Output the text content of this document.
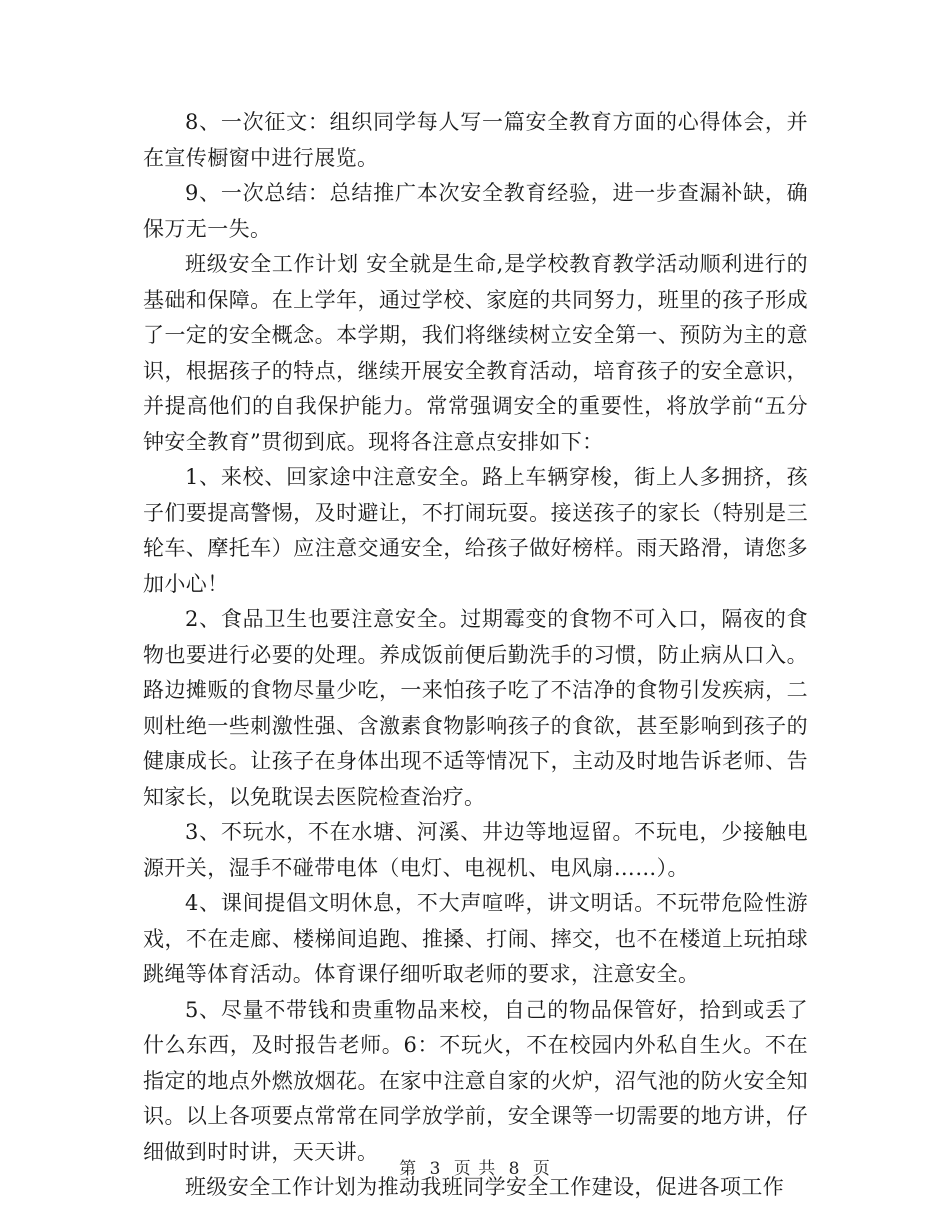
8、一次征文：组织同学每人写一篇安全教育方面的心得体会，并在宣传橱窗中进行展览。

9、一次总结：总结推广本次安全教育经验，进一步查漏补缺，确保万无一失。

班级安全工作计划 安全就是生命,是学校教育教学活动顺利进行的基础和保障。在上学年，通过学校、家庭的共同努力，班里的孩子形成了一定的安全概念。本学期，我们将继续树立安全第一、预防为主的意识，根据孩子的特点，继续开展安全教育活动，培育孩子的安全意识，并提高他们的自我保护能力。常常强调安全的重要性，将放学前“五分钟安全教育”贯彻到底。现将各注意点安排如下：

1、来校、回家途中注意安全。路上车辆穿梭，街上人多拥挤，孩子们要提高警惕，及时避让，不打闹玩耍。接送孩子的家长（特别是三轮车、摩托车）应注意交通安全，给孩子做好榜样。雨天路滑，请您多加小心！

2、食品卫生也要注意安全。过期霉变的食物不可入口，隔夜的食物也要进行必要的处理。养成饭前便后勤洗手的习惯，防止病从口入。路边摊贩的食物尽量少吃，一来怕孩子吃了不洁净的食物引发疾病，二则杜绝一些刺激性强、含激素食物影响孩子的食欲，甚至影响到孩子的健康成长。让孩子在身体出现不适等情况下，主动及时地告诉老师、告知家长，以免耽误去医院检查治疗。

3、不玩水，不在水塘、河溪、井边等地逗留。不玩电，少接触电源开关，湿手不碰带电体（电灯、电视机、电风扇……）。

4、课间提倡文明休息，不大声喧哗，讲文明话。不玩带危险性游戏，不在走廊、楼梯间追跑、推搡、打闹、摔交，也不在楼道上玩拍球跳绳等体育活动。体育课仔细听取老师的要求，注意安全。

5、尽量不带钱和贵重物品来校，自己的物品保管好，拾到或丢了什么东西，及时报告老师。6：不玩火，不在校园内外私自生火。不在指定的地点外燃放烟花。在家中注意自家的火炉，沼气池的防火安全知识。以上各项要点常常在同学放学前，安全课等一切需要的地方讲，仔细做到时时讲，天天讲。

班级安全工作计划为推动我班同学安全工作建设，促进各项工作

第 3 页 共 8 页
